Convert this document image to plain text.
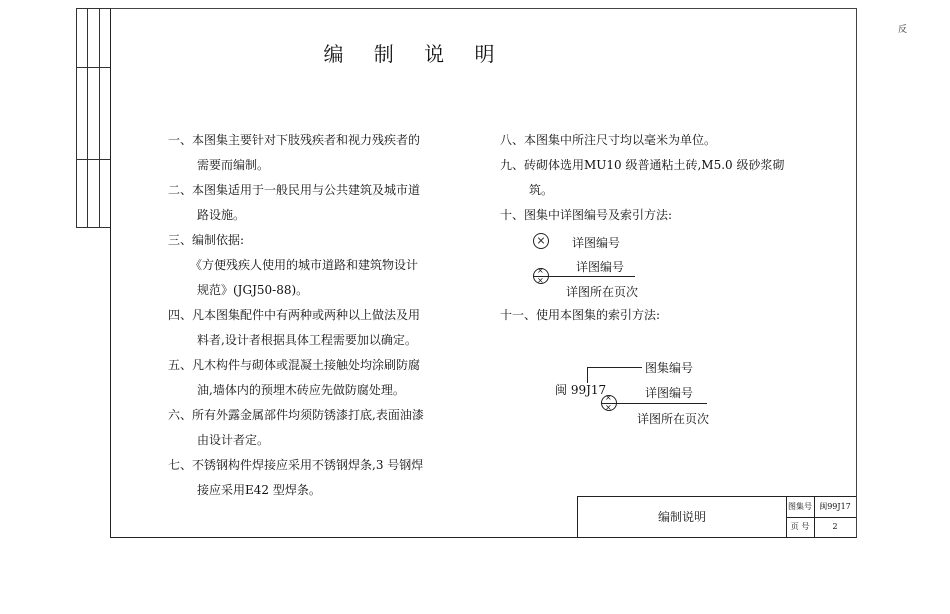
编 制 说 明
一、本图集主要针对下肢残疾者和视力残疾者的
需要而编制。
二、本图集适用于一般民用与公共建筑及城市道
路设施。
三、编制依据:
《方便残疾人使用的城市道路和建筑物设计
规范》(JGJ50-88)。
四、凡本图集配件中有两种或两种以上做法及用
料者,设计者根据具体工程需要加以确定。
五、凡木构件与砌体或混凝土接触处均涂刷防腐
油,墙体内的预埋木砖应先做防腐处理。
六、所有外露金属部件均须防锈漆打底,表面油漆
由设计者定。
七、不锈钢构件焊接应采用不锈钢焊条,3 号钢焊
接应采用E42 型焊条。
八、本图集中所注尺寸均以毫米为单位。
九、砖砌体选用MU10 级普通粘土砖,M5.0 级砂浆砌
筑。
十、图集中详图编号及索引方法:
× 详图编号
×
×
详图编号
详图所在页次
十一、使用本图集的索引方法:
图集编号
闽 99J17
×
×
详图编号
详图所在页次
编制说明
图集号 闽99J17
页 号	2
反
